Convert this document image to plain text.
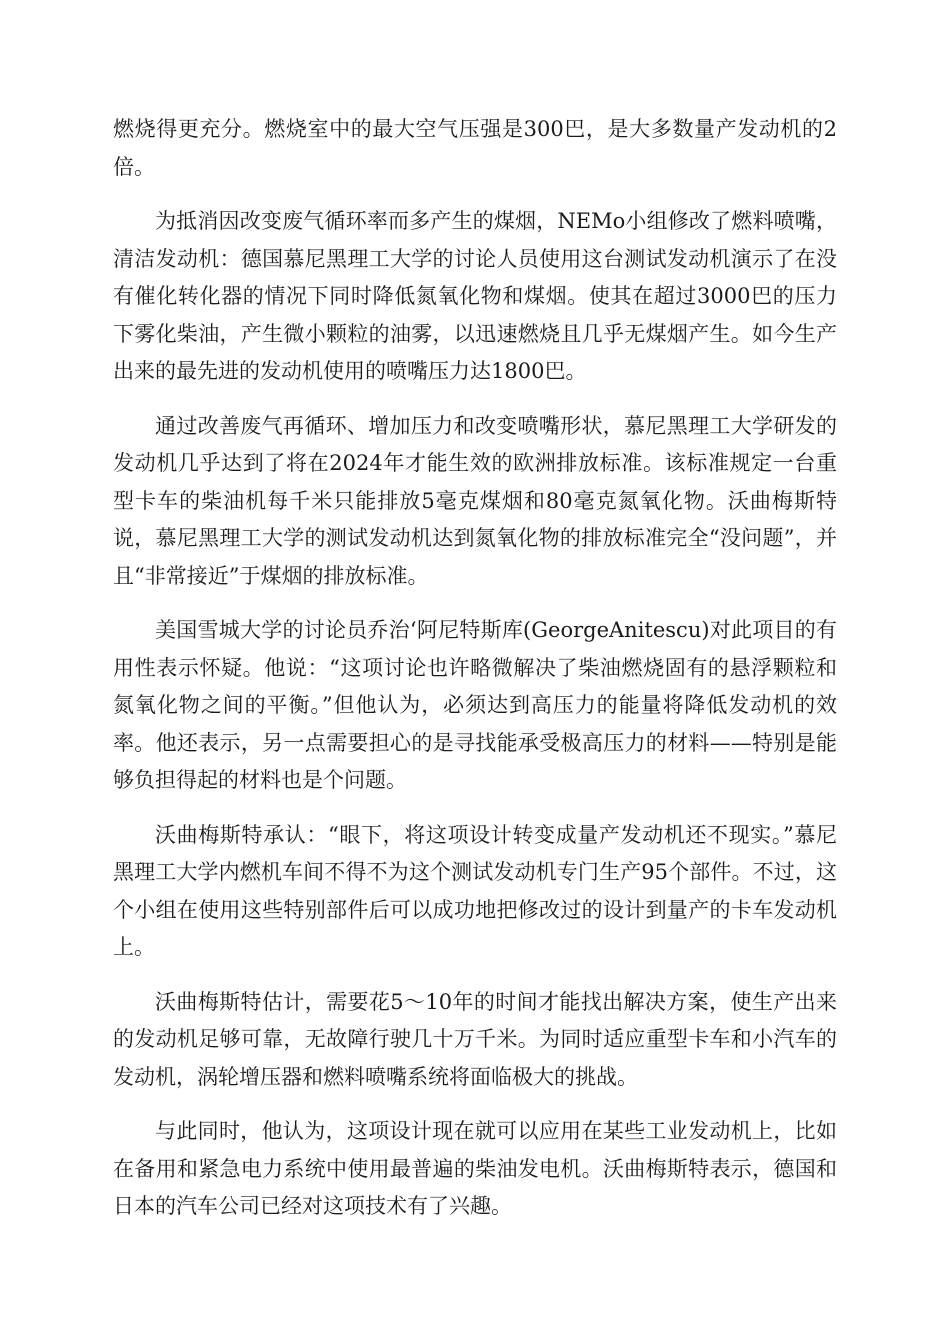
燃烧得更充分。燃烧室中的最大空气压强是300巴，是大多数量产发动机的2倍。

为抵消因改变废气循环率而多产生的煤烟，NEMo小组修改了燃料喷嘴，清洁发动机：德国慕尼黑理工大学的讨论人员使用这台测试发动机演示了在没有催化转化器的情况下同时降低氮氧化物和煤烟。使其在超过3000巴的压力下雾化柴油，产生微小颗粒的油雾，以迅速燃烧且几乎无煤烟产生。如今生产出来的最先进的发动机使用的喷嘴压力达1800巴。

通过改善废气再循环、增加压力和改变喷嘴形状，慕尼黑理工大学研发的发动机几乎达到了将在2024年才能生效的欧洲排放标准。该标准规定一台重型卡车的柴油机每千米只能排放5毫克煤烟和80毫克氮氧化物。沃曲梅斯特说，慕尼黑理工大学的测试发动机达到氮氧化物的排放标准完全“没问题”，并且“非常接近”于煤烟的排放标准。

美国雪城大学的讨论员乔治‘阿尼特斯库(GeorgeAnitescu)对此项目的有用性表示怀疑。他说：“这项讨论也许略微解决了柴油燃烧固有的悬浮颗粒和氮氧化物之间的平衡。”但他认为，必须达到高压力的能量将降低发动机的效率。他还表示，另一点需要担心的是寻找能承受极高压力的材料——特别是能够负担得起的材料也是个问题。

沃曲梅斯特承认：“眼下，将这项设计转变成量产发动机还不现实。”慕尼黑理工大学内燃机车间不得不为这个测试发动机专门生产95个部件。不过，这个小组在使用这些特别部件后可以成功地把修改过的设计到量产的卡车发动机上。

沃曲梅斯特估计，需要花5～10年的时间才能找出解决方案，使生产出来的发动机足够可靠，无故障行驶几十万千米。为同时适应重型卡车和小汽车的发动机，涡轮增压器和燃料喷嘴系统将面临极大的挑战。

与此同时，他认为，这项设计现在就可以应用在某些工业发动机上，比如在备用和紧急电力系统中使用最普遍的柴油发电机。沃曲梅斯特表示，德国和日本的汽车公司已经对这项技术有了兴趣。
